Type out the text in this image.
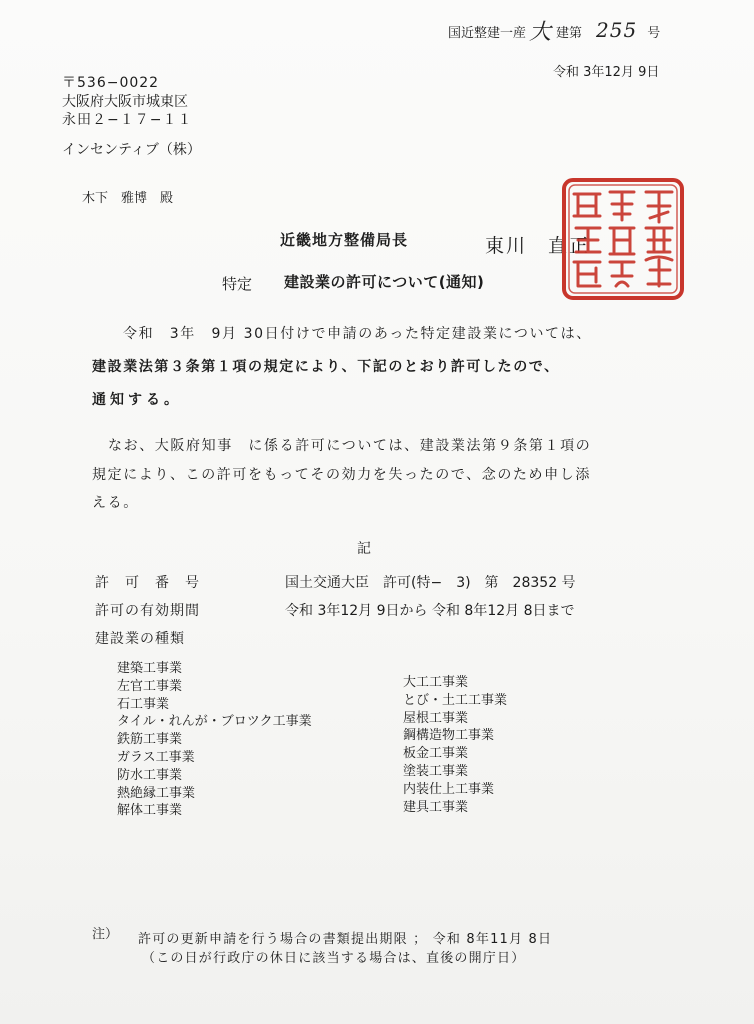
国近整建一産 大 建第 255 号
令和 3年12月 9日
〒536−0022
大阪府大阪市城東区
永田２−１７−１１
インセンティブ（株）
木下　雅博　殿
近畿地方整備局長	東川　直正
特定 建設業の許可について(通知)
令和　3年　9月 30日付けで申請のあった特定建設業については、
建設業法第３条第１項の規定により、下記のとおり許可したので、
通知する。
なお、大阪府知事　に係る許可については、建設業法第９条第１項の
規定により、この許可をもってその効力を失ったので、念のため申し添
える。
記
許　可　番　号	国土交通大臣　許可(特−　3)　第　28352 号
許可の有効期間	令和 3年12月 9日から 令和 8年12月 8日まで
建設業の種類
建築工事業
左官工事業
石工事業
タイル・れんが・ブロツク工事業
鉄筋工事業
ガラス工事業
防水工事業
熱絶縁工事業
解体工事業
大工工事業
とび・土工工事業
屋根工事業
鋼構造物工事業
板金工事業
塗装工事業
内装仕上工事業
建具工事業
注） 許可の更新申請を行う場合の書類提出期限 ； 令和 8年11月 8日
（この日が行政庁の休日に該当する場合は、直後の開庁日）
